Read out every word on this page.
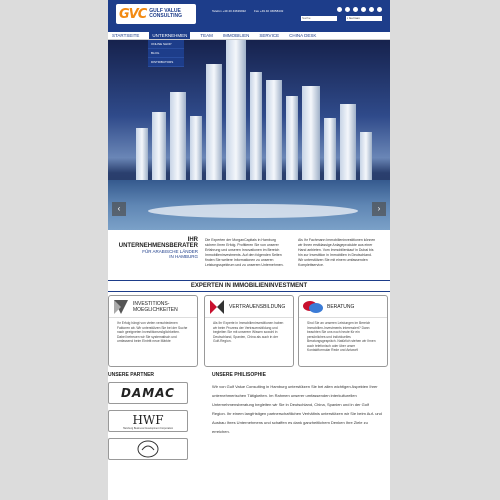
GVC GULF VALUE
CONSULTING
Telefon +49 40 43639932	Fax +49 40 46658432
Suche	▪ German
STARTSEITE	UNTERNEHMEN	TEAM IMMOBILIEN SERVICE CHINA DESK
ONLINE SHOP
BLOG
DISTRIBUTORS
‹	›
IHR UNTERNEHMENSBERATER
FÜR ARABISCHE LÄNDER
IN HAMBURG
Die Experten der MorganCapitals in Hamburg sichern Ihren Erfolg. Profitieren Sie von unserer Erfahrung und unseren Innovationen im Bereich Immobilieninvestments. Auf den folgenden Seiten finden Sie weitere Informationen zu unseren Leistungsspektrum und zu unserem Unternehmen.
Als Ihr Fachmann Immobilieninvestitionen können wir Ihnen erstklassige Anlageprodukte aus einer Hand anbieten. Vom Immobilienkauf in Dubai bis hin zur Investition in Immobilien in Deutschland. Wir unterstützen Sie mit einem umfassenden Komplettservice.
EXPERTEN IN IMMOBILIENINVESTMENT
INVESTITIONS-
MOEGLICHKEITEN
Ihr Erfolg hängt von vielen verschiedenen Faktoren ab. Wir unterstützen Sie bei der Suche nach geeigneten Investitionsmöglichkeiten. Dabei betreuen wir Sie systematisch und umfassend beim Eintritt neue Märkte
VERTRAUENSBILDUNG
Als Ihr Experte in Immobilieninvestitionen haben wir beim Prozess der Vertrauensbildung und begleiten Sie mit unserem Wissen sowohl in Deutschland, Spanien, China als auch in der Golf-Region.
BERATUNG
Sind Sie an unseren Leistungen im Bereich Immobilien-Investments interessiert? Dann beachten Sie uns noch heute für ein persönliches und individuelles Beratungsgespräch. Natürlich stehen wir Ihnen auch telefonisch oder über unser Kontaktformular Rede und Antwort!
UNSERE PARTNER	UNSERE PHILISOPHIE
DAMAC
HWF
Hamburg Business Development Corporation
Wir von Gulf Value Consulting in Hamburg unterstützen Sie bei allen wichtigen Aspekten Ihrer unternehmerischen Tätigkeiten. Im Rahmen unserer umfassenden interkulturellen Unternehmensberatung begleiten wir Sie in Deutschland, China, Spanien und in der Golf Region. Ihr einem langfristigen partnerschaftlichen Verhältnis unterstützen wir Sie beim Auf- und Ausbau Ihres Unternehmens und schaffen es dank ganzheitlichem Denken Ihre Ziele zu erreichen.
